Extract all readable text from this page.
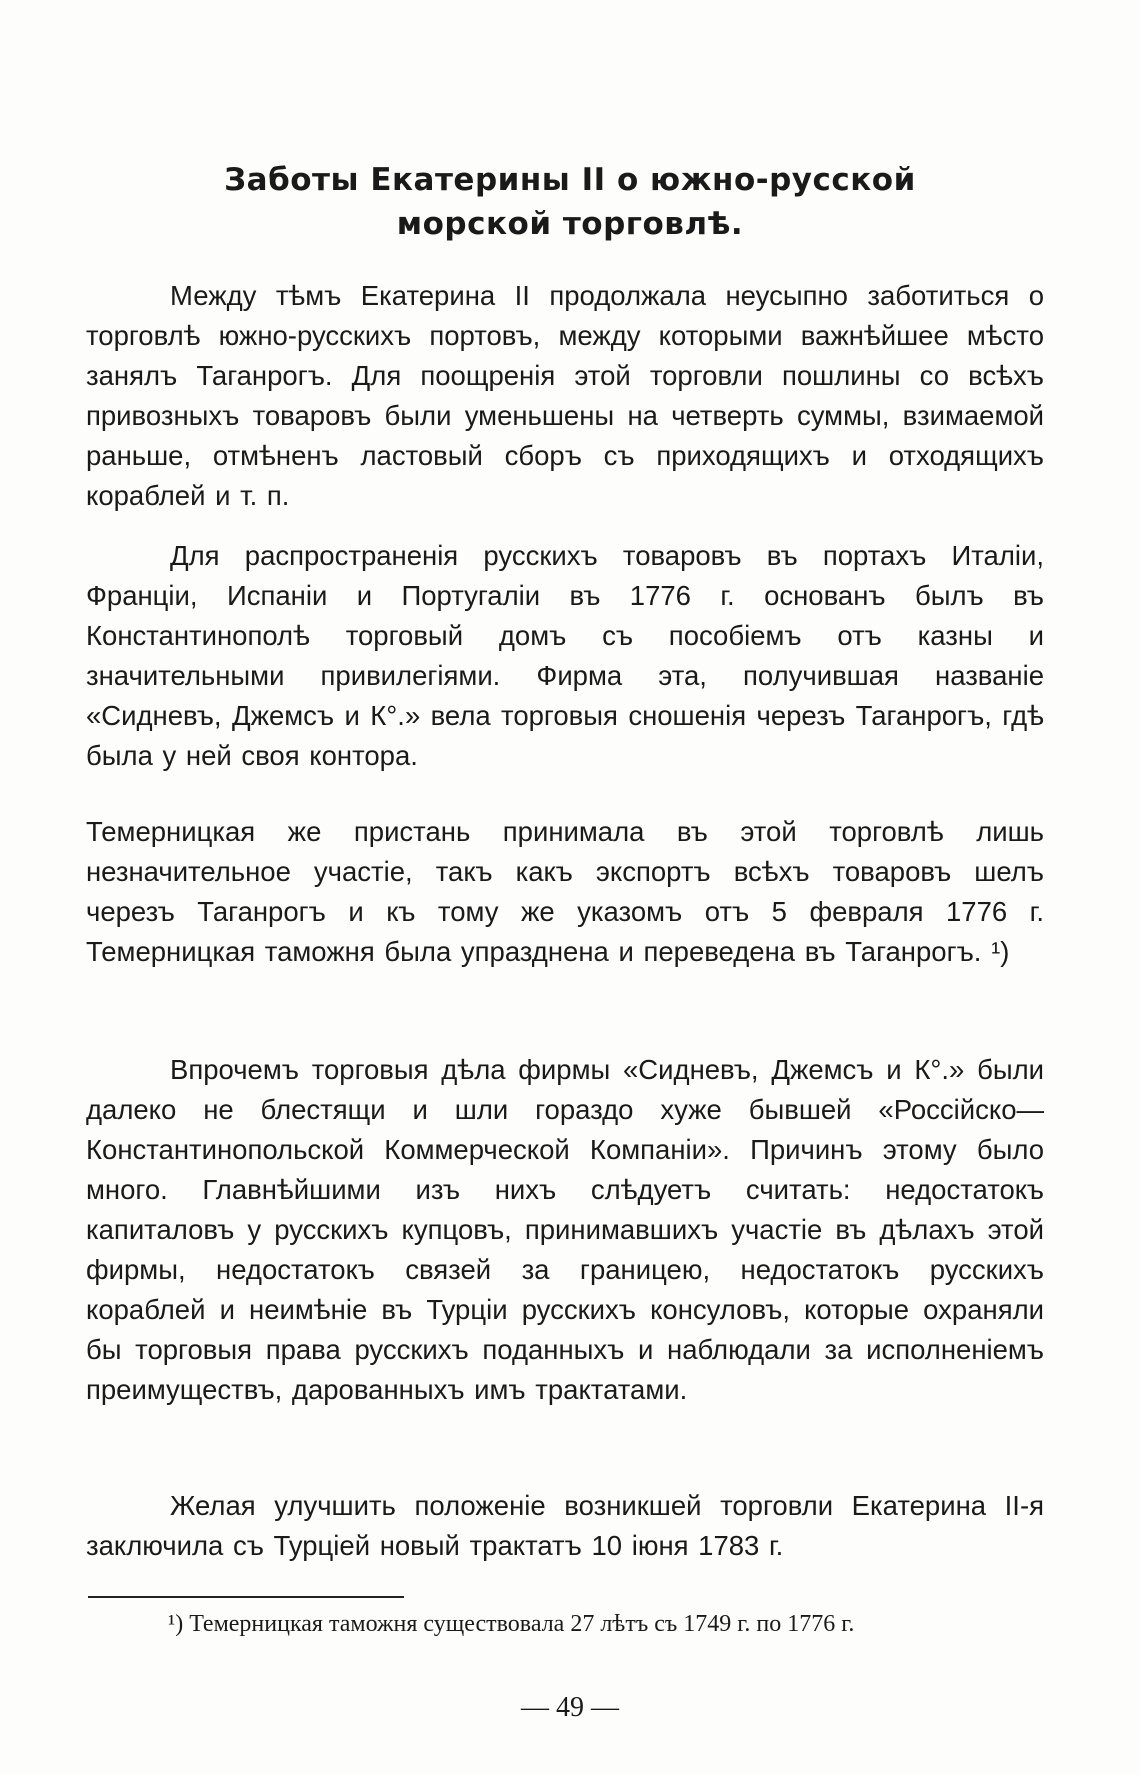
Заботы Екатерины II о южно-русской морской торговлѣ.

Между тѣмъ Екатерина II продолжала неусыпно заботиться о торговлѣ южно-русскихъ портовъ, между которыми важнѣйшее мѣсто занялъ Таганрогъ. Для поощренія этой торговли пошлины со всѣхъ привозныхъ товаровъ были уменьшены на четверть суммы, взимаемой раньше, отмѣненъ ластовый сборъ съ приходящихъ и отходящихъ кораблей и т. п.

Для распространенія русскихъ товаровъ въ портахъ Италіи, Франціи, Испаніи и Португаліи въ 1776 г. основанъ былъ въ Константинополѣ торговый домъ съ пособіемъ отъ казны и значительными привилегіями. Фирма эта, получившая названіе «Сидневъ, Джемсъ и К°.» вела торговыя сношенія черезъ Таганрогъ, гдѣ была у ней своя контора.

Темерницкая же пристань принимала въ этой торговлѣ лишь незначительное участіе, такъ какъ экспортъ всѣхъ товаровъ шелъ черезъ Таганрогъ и къ тому же указомъ отъ 5 февраля 1776 г. Темерницкая таможня была упразднена и переведена въ Таганрогъ. ¹)

Впрочемъ торговыя дѣла фирмы «Сидневъ, Джемсъ и К°.» были далеко не блестящи и шли гораздо хуже бывшей «Россійско—Константинопольской Коммерческой Компаніи». Причинъ этому было много. Главнѣйшими изъ нихъ слѣдуетъ считать: недостатокъ капиталовъ у русскихъ купцовъ, принимавшихъ участіе въ дѣлахъ этой фирмы, недостатокъ связей за границею, недостатокъ русскихъ кораблей и неимѣніе въ Турціи русскихъ консуловъ, которые охраняли бы торговыя права русскихъ поданныхъ и наблюдали за исполненіемъ преимуществъ, дарованныхъ имъ трактатами.

Желая улучшить положеніе возникшей торговли Екатерина II-я заключила съ Турціей новый трактатъ 10 іюня 1783 г.

¹) Темерницкая таможня существовала 27 лѣтъ съ 1749 г. по 1776 г.

— 49 —
